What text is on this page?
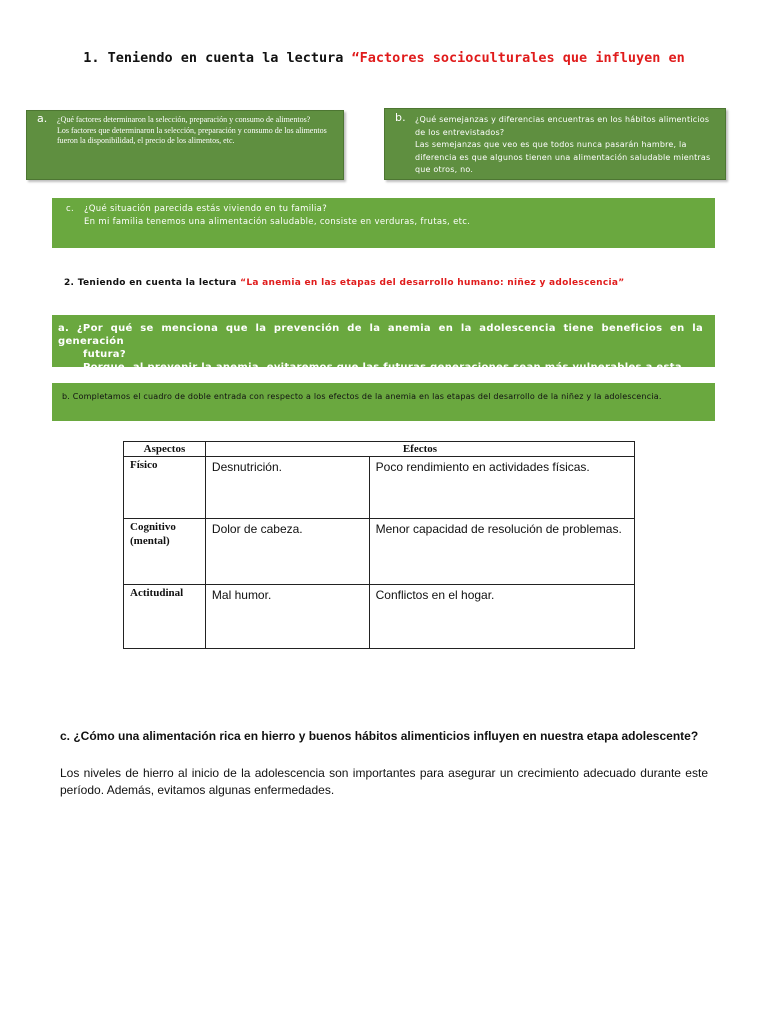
1. Teniendo en cuenta la lectura “Factores socioculturales que influyen en
a. ¿Qué factores determinaron la selección, preparación y consumo de alimentos?
Los factores que determinaron la selección, preparación y consumo de los alimentos fueron la disponibilidad, el precio de los alimentos, etc.
b. ¿Qué semejanzas y diferencias encuentras en los hábitos alimenticios de los entrevistados?
Las semejanzas que veo es que todos nunca pasarán hambre, la diferencia es que algunos tienen una alimentación saludable mientras que otros, no.
c. ¿Qué situación parecida estás viviendo en tu familia?
En mi familia tenemos una alimentación saludable, consiste en verduras, frutas, etc.
2. Teniendo en cuenta la lectura “La anemia en las etapas del desarrollo humano: niñez y adolescencia”
a. ¿Por qué se menciona que la prevención de la anemia en la adolescencia tiene beneficios en la generación
futura?
Porque, al prevenir la anemia, evitaremos que las futuras generaciones sean más vulnerables a esta
b. Completamos el cuadro de doble entrada con respecto a los efectos de la anemia en las etapas del desarrollo de la niñez y la adolescencia.
Aspectos	Efectos	
Físico	Desnutrición.	Poco rendimiento en actividades físicas.
Cognitivo (mental)	Dolor de cabeza.	Menor capacidad de resolución de problemas.
Actitudinal	Mal humor.	Conflictos en el hogar.
c. ¿Cómo una alimentación rica en hierro y buenos hábitos alimenticios influyen en nuestra etapa adolescente?
Los niveles de hierro al inicio de la adolescencia son importantes para asegurar un crecimiento adecuado durante este período. Además, evitamos algunas enfermedades.
